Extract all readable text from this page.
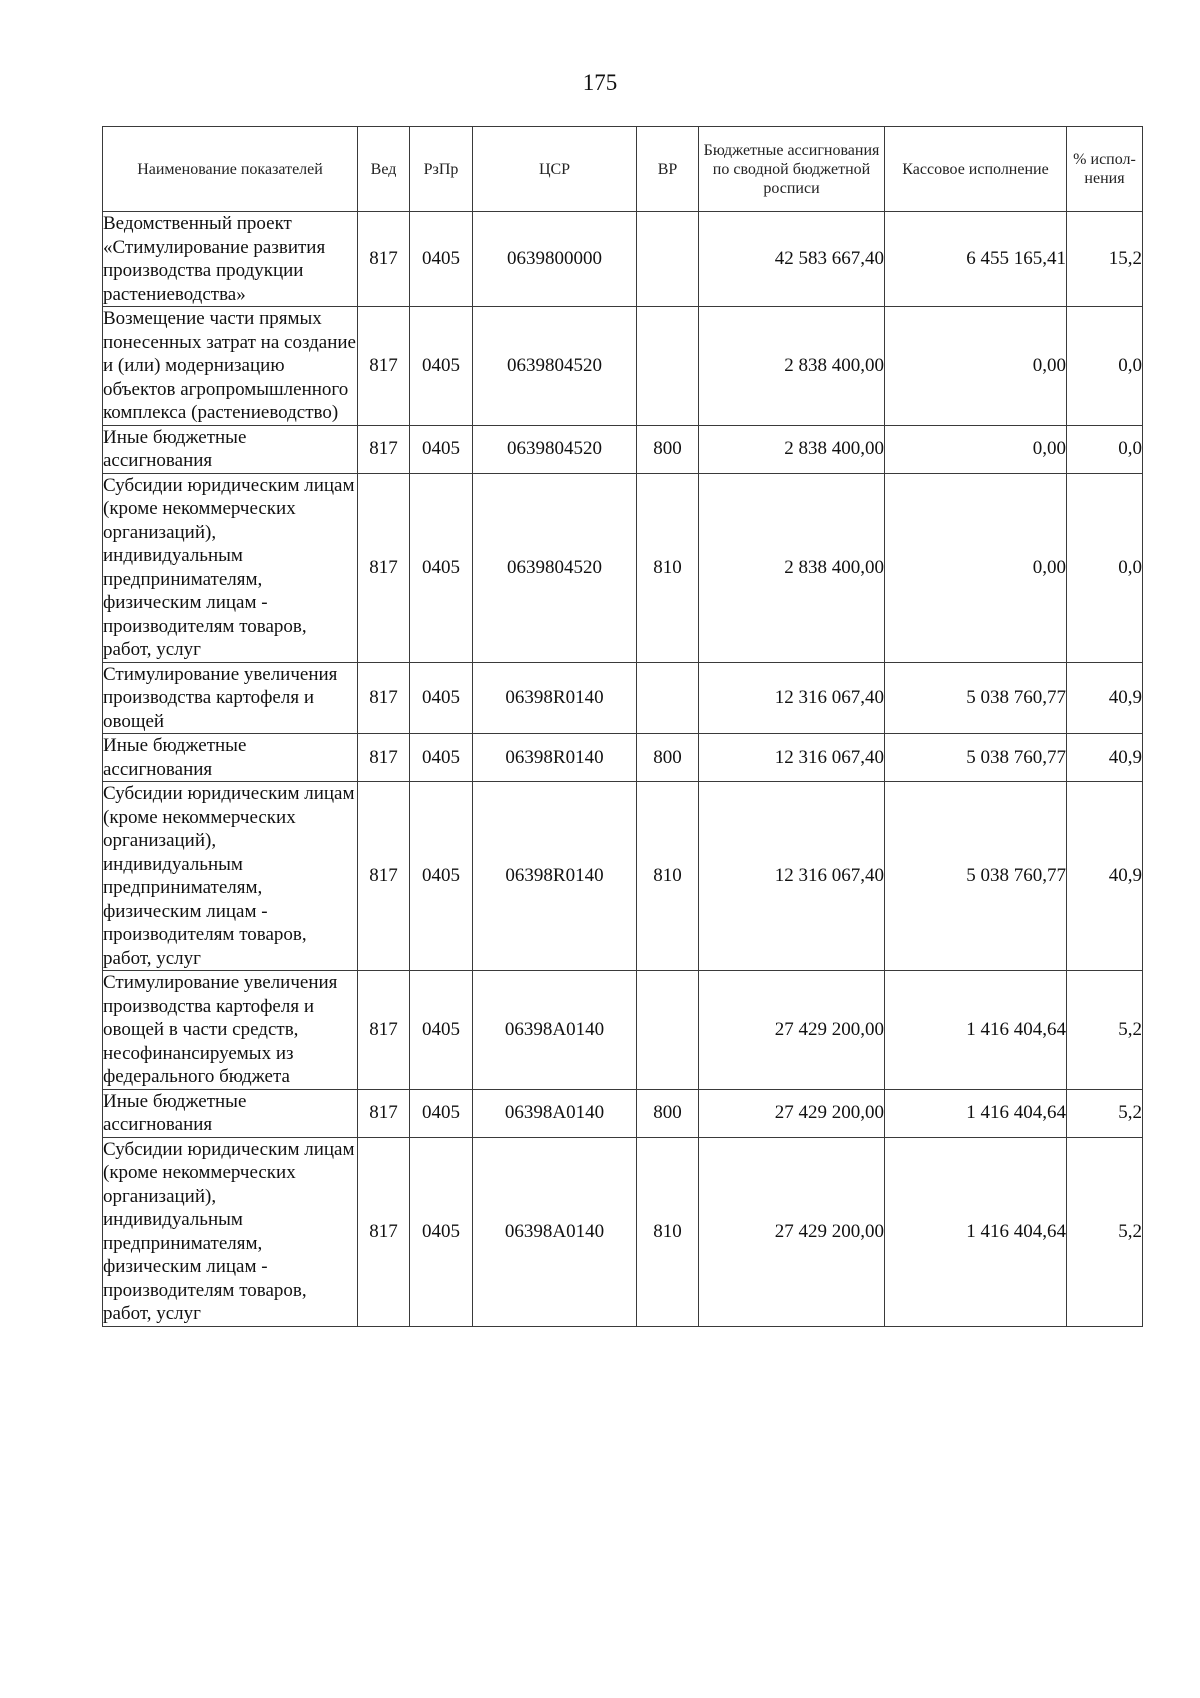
175
Наименование показателей	Вед	РзПр	ЦСР	ВР	Бюджетные ассигнования по сводной бюджетной росписи	Кассовое исполнение	% испол-нения
Ведомственный проект «Стимулирование развития производства продукции растениеводства»	817	0405	0639800000		42 583 667,40	6 455 165,41	15,2
Возмещение части прямых понесенных затрат на создание и (или) модернизацию объектов агропромышленного комплекса (растениеводство)	817	0405	0639804520		2 838 400,00	0,00	0,0
Иные бюджетные ассигнования	817	0405	0639804520	800	2 838 400,00	0,00	0,0
Субсидии юридическим лицам (кроме некоммерческих организаций), индивидуальным предпринимателям, физическим лицам - производителям товаров, работ, услуг	817	0405	0639804520	810	2 838 400,00	0,00	0,0
Стимулирование увеличения производства картофеля и овощей	817	0405	06398R0140		12 316 067,40	5 038 760,77	40,9
Иные бюджетные ассигнования	817	0405	06398R0140	800	12 316 067,40	5 038 760,77	40,9
Субсидии юридическим лицам (кроме некоммерческих организаций), индивидуальным предпринимателям, физическим лицам - производителям товаров, работ, услуг	817	0405	06398R0140	810	12 316 067,40	5 038 760,77	40,9
Стимулирование увеличения производства картофеля и овощей в части средств, несофинансируемых из федерального бюджета	817	0405	06398A0140		27 429 200,00	1 416 404,64	5,2
Иные бюджетные ассигнования	817	0405	06398A0140	800	27 429 200,00	1 416 404,64	5,2
Субсидии юридическим лицам (кроме некоммерческих организаций), индивидуальным предпринимателям, физическим лицам - производителям товаров, работ, услуг	817	0405	06398A0140	810	27 429 200,00	1 416 404,64	5,2
